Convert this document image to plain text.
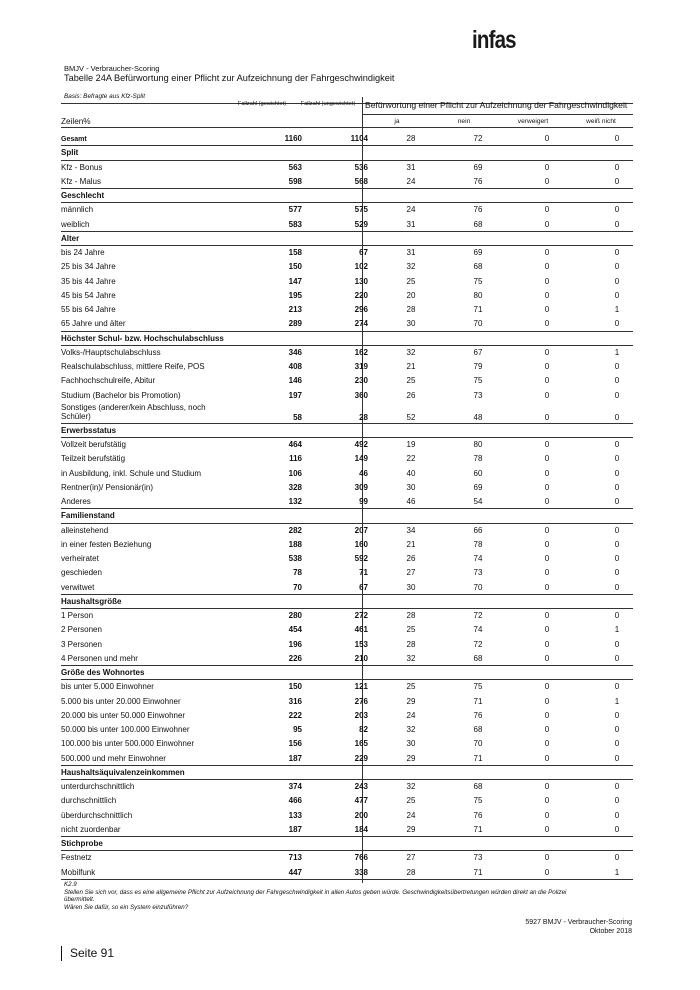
infas
BMJV - Verbraucher-Scoring
Tabelle 24A Befürwortung einer Pflicht zur Aufzeichnung der Fahrgeschwindigkeit
Basis: Befragte aus Kfz-Split
Fallzahl (gewichtet)	Fallzahl (ungewichtet)	Befürwortung einer Pflicht zur Aufzeichnung der Fahrgeschwindigkeit
ja	nein	verweigert	weiß nicht
Zeilen%
Gesamt	1160	1104	28	72	0	0
Split
Kfz - Bonus	563	536	31	69	0	0
Kfz - Malus	598	568	24	76	0	0
Geschlecht
männlich	577	575	24	76	0	0
weiblich	583	529	31	68	0	0
Alter
bis 24 Jahre	158	67	31	69	0	0
25 bis 34 Jahre	150	102	32	68	0	0
35 bis 44 Jahre	147	130	25	75	0	0
45 bis 54 Jahre	195	220	20	80	0	0
55 bis 64 Jahre	213	296	28	71	0	1
65 Jahre und älter	289	274	30	70	0	0
Höchster Schul- bzw. Hochschulabschluss
Volks-/Hauptschulabschluss	346	162	32	67	0	1
Realschulabschluss, mittlere Reife, POS	408	319	21	79	0	0
Fachhochschulreife, Abitur	146	230	25	75	0	0
Studium (Bachelor bis Promotion)	197	360	26	73	0	0
Sonstiges (anderer/kein Abschluss, noch Schüler)	58	28	52	48	0	0
Erwerbsstatus
Vollzeit berufstätig	464	492	19	80	0	0
Teilzeit berufstätig	116	149	22	78	0	0
in Ausbildung, inkl. Schule und Studium	106	46	40	60	0	0
Rentner(in)/ Pensionär(in)	328	309	30	69	0	0
Anderes	132	99	46	54	0	0
Familienstand
alleinstehend	282	207	34	66	0	0
in einer festen Beziehung	188	160	21	78	0	0
verheiratet	538	592	26	74	0	0
geschieden	78	71	27	73	0	0
verwitwet	70	67	30	70	0	0
Haushaltsgröße
1 Person	280	272	28	72	0	0
2 Personen	454	461	25	74	0	1
3 Personen	196	153	28	72	0	0
4 Personen und mehr	226	210	32	68	0	0
Größe des Wohnortes
bis unter 5.000 Einwohner	150	121	25	75	0	0
5.000 bis unter 20.000 Einwohner	316	276	29	71	0	1
20.000 bis unter 50.000 Einwohner	222	203	24	76	0	0
50.000 bis unter 100.000 Einwohner	95	82	32	68	0	0
100.000 bis unter 500.000 Einwohner	156	165	30	70	0	0
500.000 und mehr Einwohner	187	229	29	71	0	0
Haushaltsäquivalenzeinkommen
unterdurchschnittlich	374	243	32	68	0	0
durchschnittlich	466	477	25	75	0	0
überdurchschnittlich	133	200	24	76	0	0
nicht zuordenbar	187	184	29	71	0	0
Stichprobe
Festnetz	713	766	27	73	0	0
Mobilfunk	447	338	28	71	0	1
K2.9
Stellen Sie sich vor, dass es eine allgemeine Pflicht zur Aufzeichnung der Fahrgeschwindigkeit in allen Autos geben würde. Geschwindigkeitsübertretungen würden direkt an die Polizei
übermittelt.
Wären Sie dafür, so ein System einzuführen?
5927 BMJV - Verbraucher-Scoring
Oktober 2018
Seite 91
